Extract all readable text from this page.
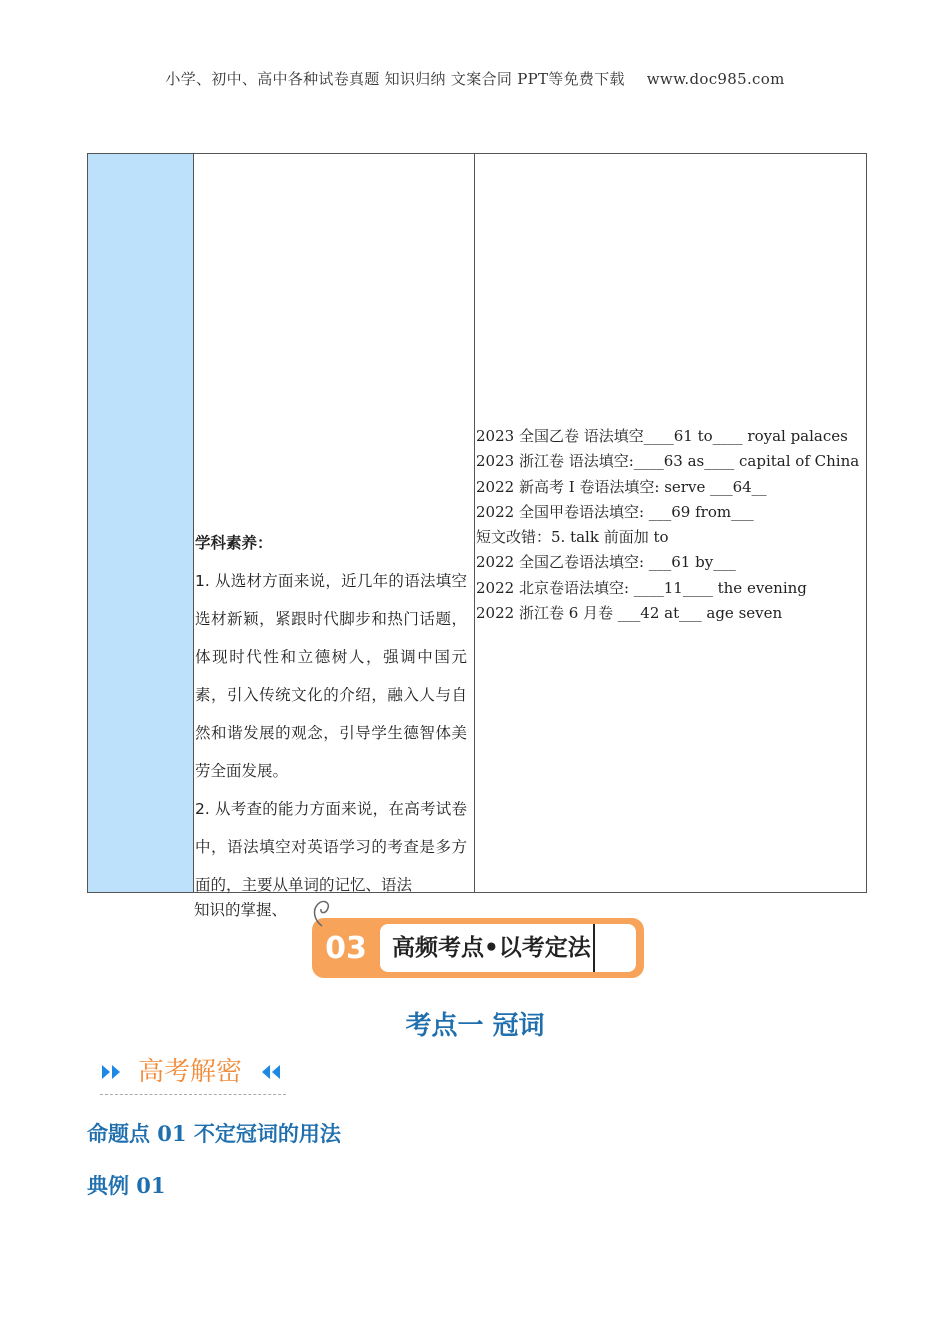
小学、初中、高中各种试卷真题 知识归纳 文案合同 PPT等免费下载 www.doc985.com
学科素养：

1. 从选材方面来说，近几年的语法填空选材新颖，紧跟时代脚步和热门话题，体现时代性和立德树人，强调中国元素，引入传统文化的介绍，融入人与自然和谐发展的观念，引导学生德智体美劳全面发展。

2. 从考查的能力方面来说，在高考试卷中，语法填空对英语学习的考查是多方面的，主要从单词的记忆、语法

2023 全国乙卷 语法填空____61 to____ royal palaces
2023 浙江卷 语法填空:____63 as____ capital of China
2022 新高考 I 卷语法填空: serve ___64__
2022 全国甲卷语法填空: ___69 from___
短文改错：5. talk 前面加 to
2022 全国乙卷语法填空: ___61 by___
2022 北京卷语法填空: ____11____ the evening
2022 浙江卷 6 月卷 ___42 at___ age seven
知识的掌握、
03	高频考点•以考定法
考点一 冠词
高考解密
命题点 01 不定冠词的用法
典例 01
